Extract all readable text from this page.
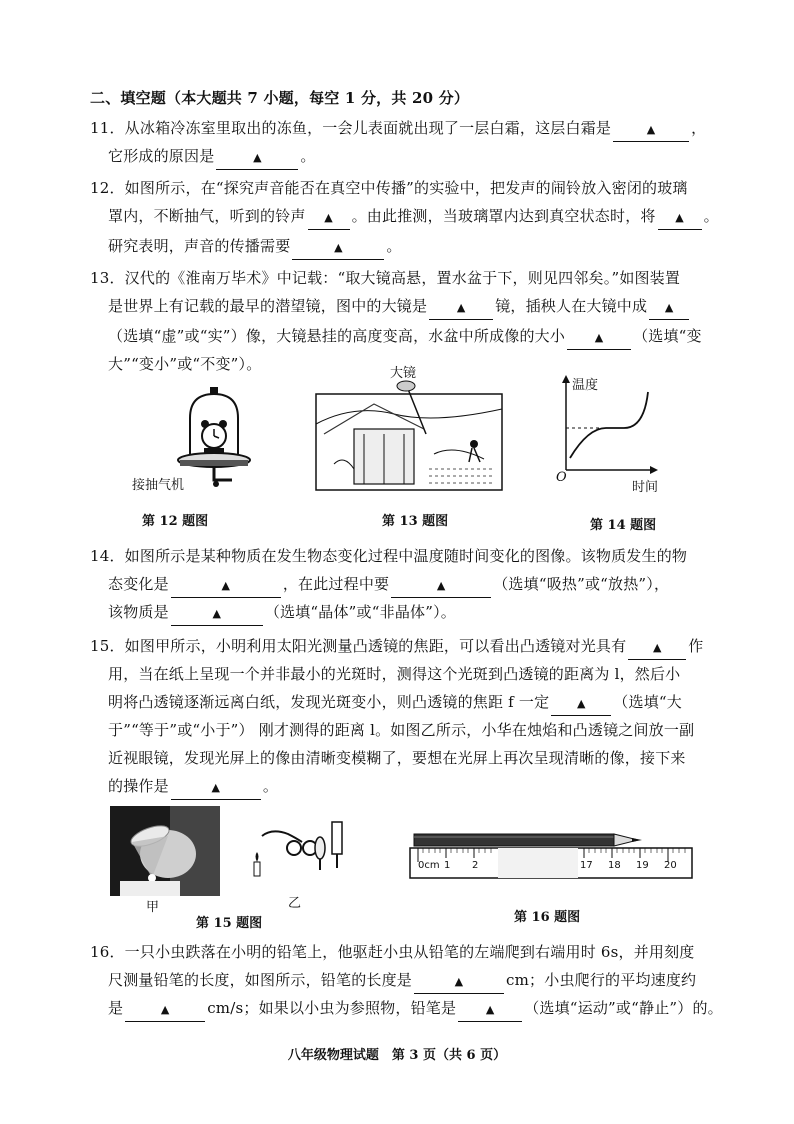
二、填空题（本大题共 7 小题，每空 1 分，共 20 分）
11．从冰箱冷冻室里取出的冻鱼，一会儿表面就出现了一层白霜，这层白霜是	▲ ，
它形成的原因是	▲	。
12．如图所示，在“探究声音能否在真空中传播”的实验中，把发声的闹铃放入密闭的玻璃
罩内，不断抽气，听到的铃声 ▲ 。由此推测，当玻璃罩内达到真空状态时，将 ▲ 。
研究表明，声音的传播需要	▲	。
13．汉代的《淮南万毕术》中记载：“取大镜高悬，置水盆于下，则见四邻矣。”如图装置
是世界上有记载的最早的潜望镜，图中的大镜是	▲ 镜，插秧人在大镜中成 ▲
（选填“虚”或“实”）像，大镜悬挂的高度变高，水盆中所成像的大小	▲ （选填“变
大”“变小”或“不变”）。
接抽气机
大镜
温度
时间
O
第 12 题图	第 13 题图	第 14 题图
14．如图所示是某种物质在发生物态变化过程中温度随时间变化的图像。该物质发生的物
态变化是	▲	，在此过程中要	▲	（选填“吸热”或“放热”），
该物质是	▲	（选填“晶体”或“非晶体”）。
15．如图甲所示，小明利用太阳光测量凸透镜的焦距，可以看出凸透镜对光具有 ▲ 作
用，当在纸上呈现一个并非最小的光斑时，测得这个光斑到凸透镜的距离为 l，然后小
明将凸透镜逐渐远离白纸，发现光斑变小，则凸透镜的焦距 f 一定	▲ （选填“大
于”“等于”或“小于”） 刚才测得的距离 l。如图乙所示，小华在烛焰和凸透镜之间放一副
近视眼镜，发现光屏上的像由清晰变模糊了，要想在光屏上再次呈现清晰的像，接下来
的操作是	▲	。
甲	乙
0cm 1 2	17 18 19 20
第 15 题图	第 16 题图
16．一只小虫跌落在小明的铅笔上，他驱赶小虫从铅笔的左端爬到右端用时 6s，并用刻度
尺测量铅笔的长度，如图所示，铅笔的长度是	▲	cm；小虫爬行的平均速度约
是	▲	cm/s；如果以小虫为参照物，铅笔是	▲ （选填“运动”或“静止”）的。
八年级物理试题　第 3 页（共 6 页）
